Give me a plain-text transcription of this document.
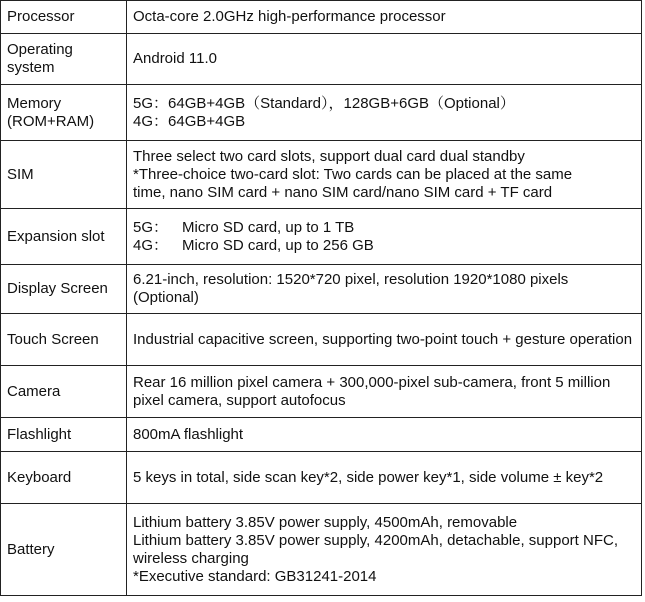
Processor	Octa-core 2.0GHz high-performance processor

Operating
system	Android 11.0

Memory
(ROM+RAM)	5G：64GB+4GB（Standard），128GB+6GB（Optional）
4G：64GB+4GB

SIM	Three select two card slots, support dual card dual standby
*Three-choice two-card slot: Two cards can be placed at the same
time, nano SIM card + nano SIM card/nano SIM card + TF card

Expansion slot	5G： Micro SD card, up to 1 TB
4G： Micro SD card, up to 256 GB

Display Screen	6.21-inch, resolution: 1520*720 pixel, resolution 1920*1080 pixels (Optional)

Touch Screen	Industrial capacitive screen, supporting two-point touch + gesture operation

Camera	Rear 16 million pixel camera + 300,000-pixel sub-camera, front 5 million pixel camera, support autofocus

Flashlight	800mA flashlight
Keyboard	5 keys in total, side scan key*2, side power key*1, side volume ± key*2

Battery	Lithium battery 3.85V power supply, 4500mAh, removable
Lithium battery 3.85V power supply, 4200mAh, detachable, support NFC, wireless charging
*Executive standard: GB31241-2014
